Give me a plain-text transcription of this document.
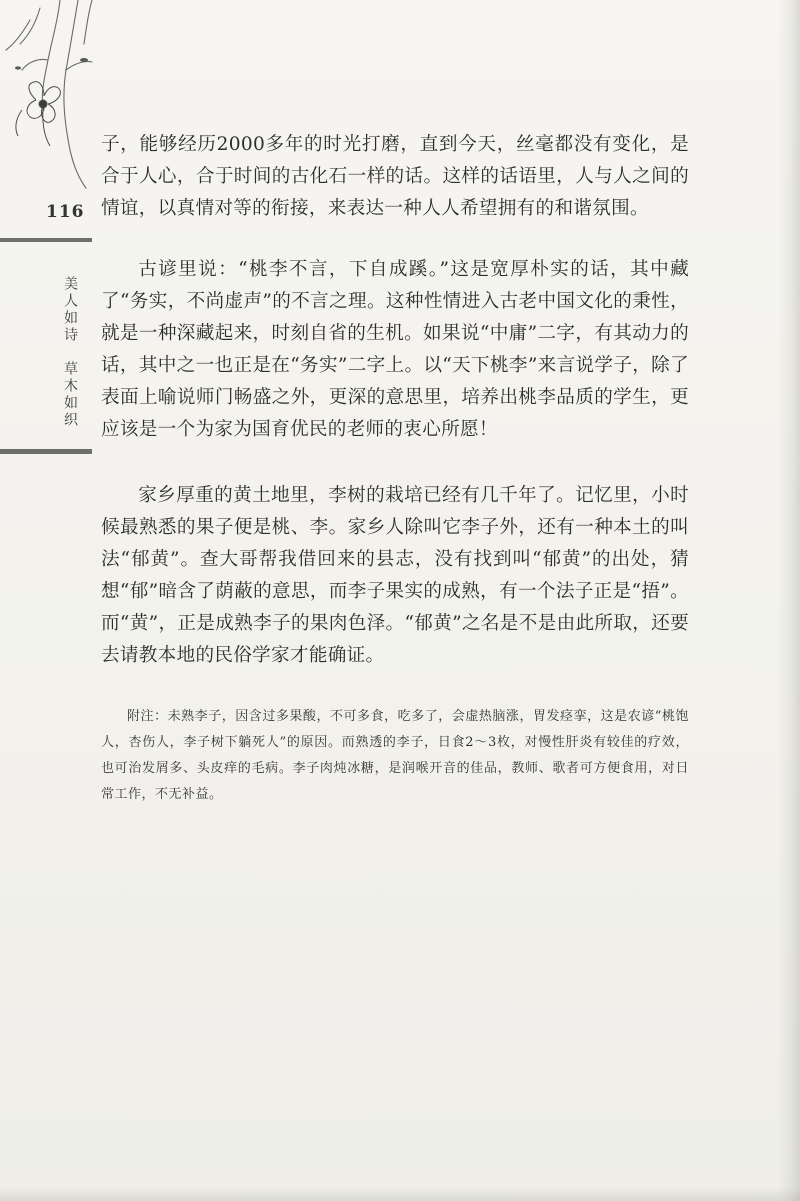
116
美人如诗　草木如织

子，能够经历2000多年的时光打磨，直到今天，丝毫都没有变化，是合于人心，合于时间的古化石一样的话。这样的话语里，人与人之间的情谊，以真情对等的衔接，来表达一种人人希望拥有的和谐氛围。

古谚里说：“桃李不言，下自成蹊。”这是宽厚朴实的话，其中藏了“务实，不尚虚声”的不言之理。这种性情进入古老中国文化的秉性，就是一种深藏起来，时刻自省的生机。如果说“中庸”二字，有其动力的话，其中之一也正是在“务实”二字上。以“天下桃李”来言说学子，除了表面上喻说师门畅盛之外，更深的意思里，培养出桃李品质的学生，更应该是一个为家为国育优民的老师的衷心所愿！

家乡厚重的黄土地里，李树的栽培已经有几千年了。记忆里，小时候最熟悉的果子便是桃、李。家乡人除叫它李子外，还有一种本土的叫法“郁黄”。查大哥帮我借回来的县志，没有找到叫“郁黄”的出处，猜想“郁”暗含了荫蔽的意思，而李子果实的成熟，有一个法子正是“捂”。而“黄”，正是成熟李子的果肉色泽。“郁黄”之名是不是由此所取，还要去请教本地的民俗学家才能确证。

附注：未熟李子，因含过多果酸，不可多食，吃多了，会虚热脑涨，胃发痉挛，这是农谚“桃饱人，杏伤人，李子树下躺死人”的原因。而熟透的李子，日食2～3枚，对慢性肝炎有较佳的疗效，也可治发屑多、头皮痒的毛病。李子肉炖冰糖，是润喉开音的佳品，教师、歌者可方便食用，对日常工作，不无补益。
